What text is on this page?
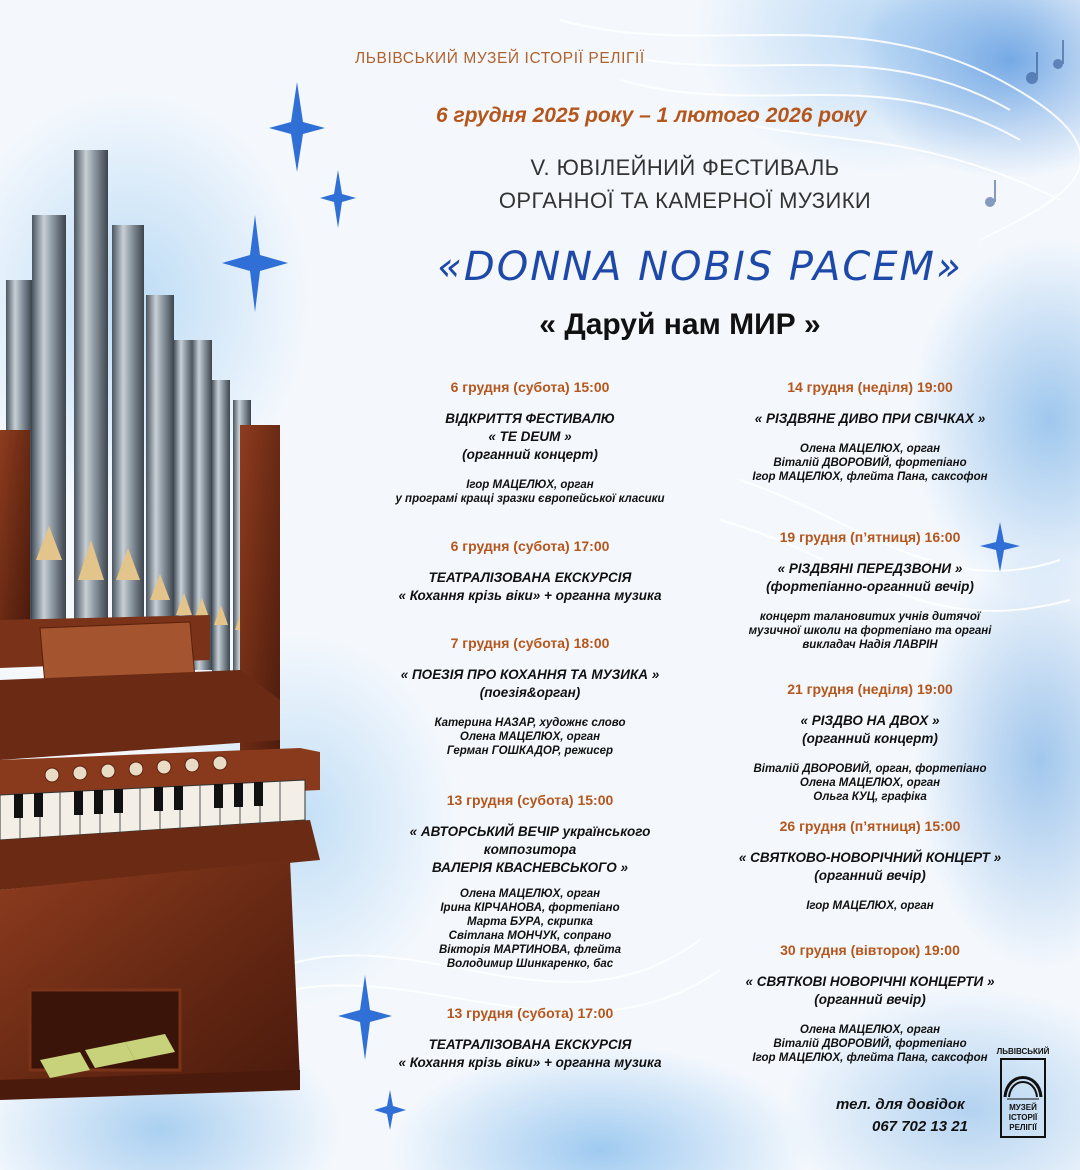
ЛЬВІВСЬКИЙ МУЗЕЙ ІСТОРІЇ РЕЛІГІЇ
6 грудня 2025 року – 1 лютого 2026 року
V. ЮВІЛЕЙНИЙ ФЕСТИВАЛЬ
ОРГАННОЇ ТА КАМЕРНОЇ МУЗИКИ
«DONNA NOBIS PACEM»
« Даруй нам МИР »
6 грудня (субота) 15:00
ВІДКРИТТЯ ФЕСТИВАЛЮ
« TE DEUM »
(органний концерт)
Ігор МАЦЕЛЮХ, орган
у програмі кращі зразки європейської класики
6 грудня (субота) 17:00
ТЕАТРАЛІЗОВАНА ЕКСКУРСІЯ
« Кохання крізь віки» + органна музика
7 грудня (субота) 18:00
« ПОЕЗІЯ ПРО КОХАННЯ ТА МУЗИКА »
(поезія&орган)
Катерина НАЗАР, художнє слово
Олена МАЦЕЛЮХ, орган
Герман ГОШКАДОР, режисер
13 грудня (субота) 15:00
« АВТОРСЬКИЙ ВЕЧІР українського
композитора
ВАЛЕРІЯ КВАСНЕВСЬКОГО »
Олена МАЦЕЛЮХ, орган
Ірина КІРЧАНОВА, фортепіано
Марта БУРА, скрипка
Світлана МОНЧУК, сопрано
Вікторія МАРТИНОВА, флейта
Володимир Шинкаренко, бас
13 грудня (субота) 17:00
ТЕАТРАЛІЗОВАНА ЕКСКУРСІЯ
« Кохання крізь віки» + органна музика
14 грудня (неділя) 19:00
« РІЗДВЯНЕ ДИВО ПРИ СВІЧКАХ »
Олена МАЦЕЛЮХ, орган
Віталій ДВОРОВИЙ, фортепіано
Ігор МАЦЕЛЮХ, флейта Пана, саксофон
19 грудня (п’ятниця) 16:00
« РІЗДВЯНІ ПЕРЕДЗВОНИ »
(фортепіанно-органний вечір)
концерт талановитих учнів дитячої
музичної школи на фортепіано та органі
викладач Надія ЛАВРІН
21 грудня (неділя) 19:00
« РІЗДВО НА ДВОХ »
(органний концерт)
Віталій ДВОРОВИЙ, орган, фортепіано
Олена МАЦЕЛЮХ, орган
Ольга КУЦ, графіка
26 грудня (п’ятниця) 15:00
« СВЯТКОВО-НОВОРІЧНИЙ КОНЦЕРТ »
(органний вечір)
Ігор МАЦЕЛЮХ, орган
30 грудня (вівторок) 19:00
« СВЯТКОВІ НОВОРІЧНІ КОНЦЕРТИ »
(органний вечір)
Олена МАЦЕЛЮХ, орган
Віталій ДВОРОВИЙ, фортепіано
Ігор МАЦЕЛЮХ, флейта Пана, саксофон
тел. для довідок
067 702 13 21
ЛЬВІВСЬКИЙ
МУЗЕЙ
ІСТОРІЇ
РЕЛІГІЇ
